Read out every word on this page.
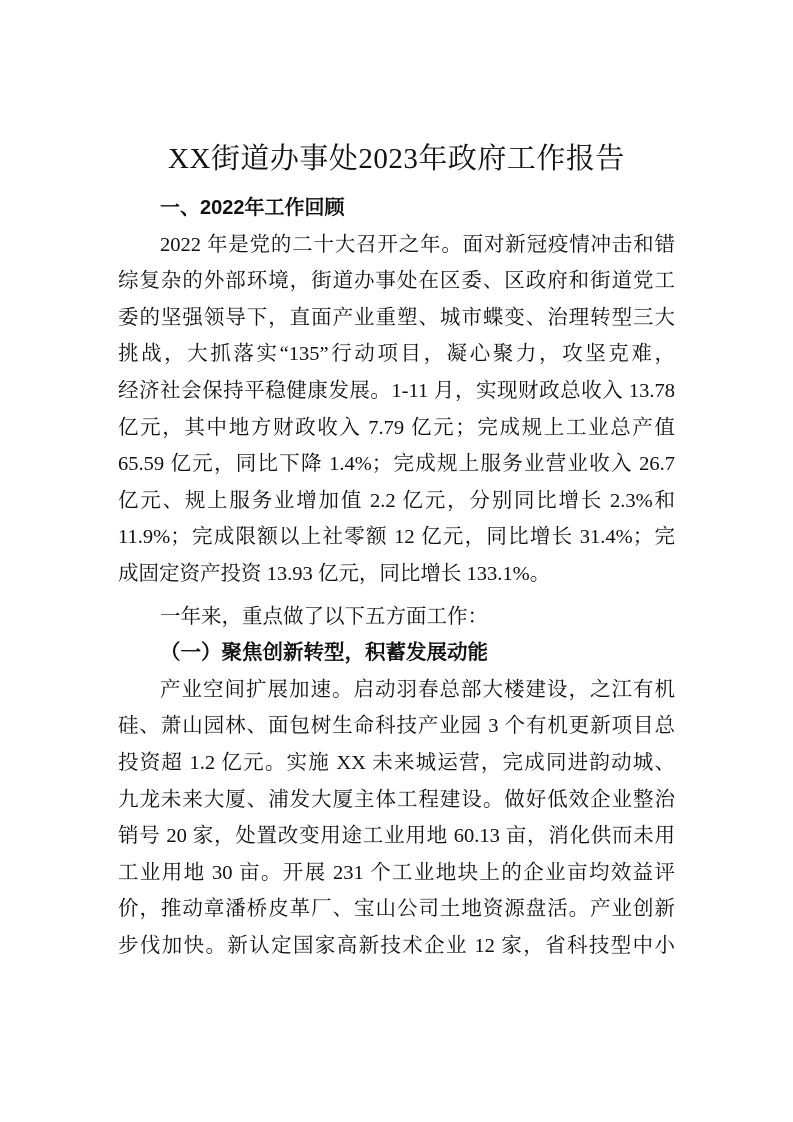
XX街道办事处2023年政府工作报告
一、2022年工作回顾
2022 年是党的二十大召开之年。面对新冠疫情冲击和错
综复杂的外部环境，街道办事处在区委、区政府和街道党工
委的坚强领导下，直面产业重塑、城市蝶变、治理转型三大
挑战，大抓落实“135”行动项目，凝心聚力，攻坚克难，
经济社会保持平稳健康发展。1-11 月，实现财政总收入 13.78
亿元，其中地方财政收入 7.79 亿元；完成规上工业总产值
65.59 亿元，同比下降 1.4%；完成规上服务业营业收入 26.7
亿元、规上服务业增加值 2.2 亿元，分别同比增长 2.3%和
11.9%；完成限额以上社零额 12 亿元，同比增长 31.4%；完
成固定资产投资 13.93 亿元，同比增长 133.1%。
一年来，重点做了以下五方面工作：
（一）聚焦创新转型，积蓄发展动能
产业空间扩展加速。启动羽春总部大楼建设，之江有机
硅、萧山园林、面包树生命科技产业园 3 个有机更新项目总
投资超 1.2 亿元。实施 XX 未来城运营，完成同进韵动城、
九龙未来大厦、浦发大厦主体工程建设。做好低效企业整治
销号 20 家，处置改变用途工业用地 60.13 亩，消化供而未用
工业用地 30 亩。开展 231 个工业地块上的企业亩均效益评
价，推动章潘桥皮革厂、宝山公司土地资源盘活。产业创新
步伐加快。新认定国家高新技术企业 12 家，省科技型中小
